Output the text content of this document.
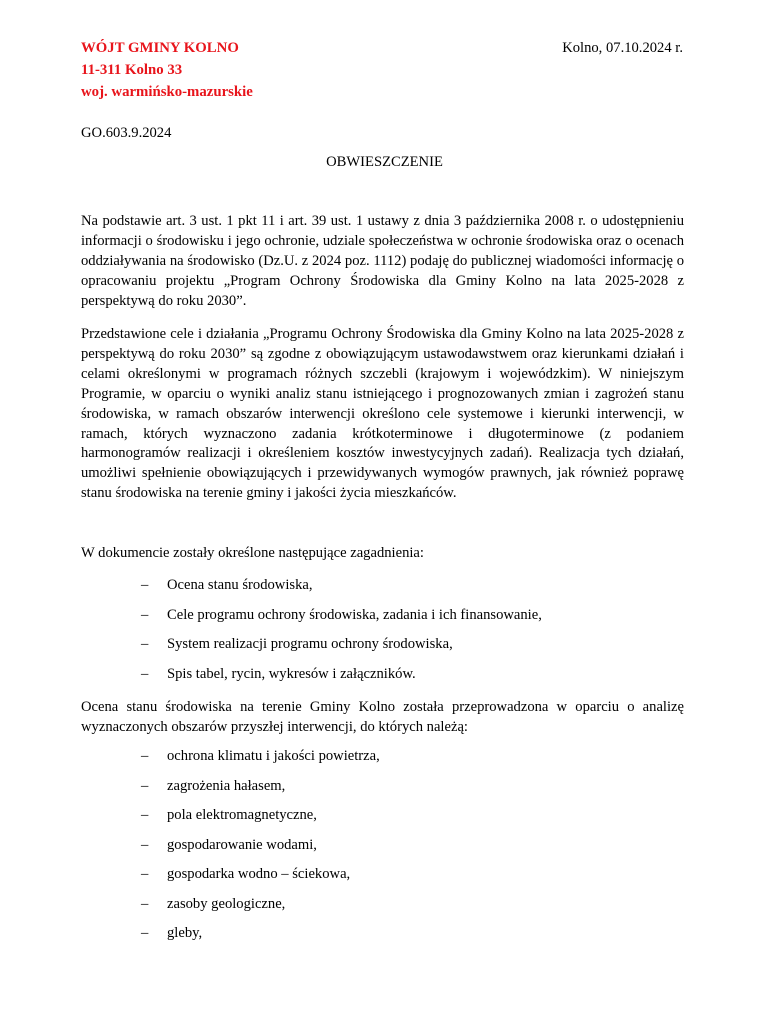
WÓJT GMINY KOLNO
11-311 Kolno 33
woj. warmińsko-mazurskie
Kolno, 07.10.2024 r.
GO.603.9.2024
OBWIESZCZENIE

Na podstawie art. 3 ust. 1 pkt 11 i art. 39 ust. 1 ustawy z dnia 3 października 2008 r. o udostępnieniu informacji o środowisku i jego ochronie, udziale społeczeństwa w ochronie środowiska oraz o ocenach oddziaływania na środowisko (Dz.U. z 2024 poz. 1112) podaję do publicznej wiadomości informację o opracowaniu projektu „Program Ochrony Środowiska dla Gminy Kolno na lata 2025-2028 z perspektywą do roku 2030”.

Przedstawione cele i działania „Programu Ochrony Środowiska dla Gminy Kolno na lata 2025-2028 z perspektywą do roku 2030” są zgodne z obowiązującym ustawodawstwem oraz kierunkami działań i celami określonymi w programach różnych szczebli (krajowym i wojewódzkim). W niniejszym Programie, w oparciu o wyniki analiz stanu istniejącego i prognozowanych zmian i zagrożeń stanu środowiska, w ramach obszarów interwencji określono cele systemowe i kierunki interwencji, w ramach, których wyznaczono zadania krótkoterminowe i długoterminowe (z podaniem harmonogramów realizacji i określeniem kosztów inwestycyjnych zadań). Realizacja tych działań, umożliwi spełnienie obowiązujących i przewidywanych wymogów prawnych, jak również poprawę stanu środowiska na terenie gminy i jakości życia mieszkańców.

W dokumencie zostały określone następujące zagadnienia:

– Ocena stanu środowiska,
– Cele programu ochrony środowiska, zadania i ich finansowanie,
– System realizacji programu ochrony środowiska,
– Spis tabel, rycin, wykresów i załączników.

Ocena stanu środowiska na terenie Gminy Kolno została przeprowadzona w oparciu o analizę wyznaczonych obszarów przyszłej interwencji, do których należą:

– ochrona klimatu i jakości powietrza,
– zagrożenia hałasem,
– pola elektromagnetyczne,
– gospodarowanie wodami,
– gospodarka wodno – ściekowa,
– zasoby geologiczne,
– gleby,
